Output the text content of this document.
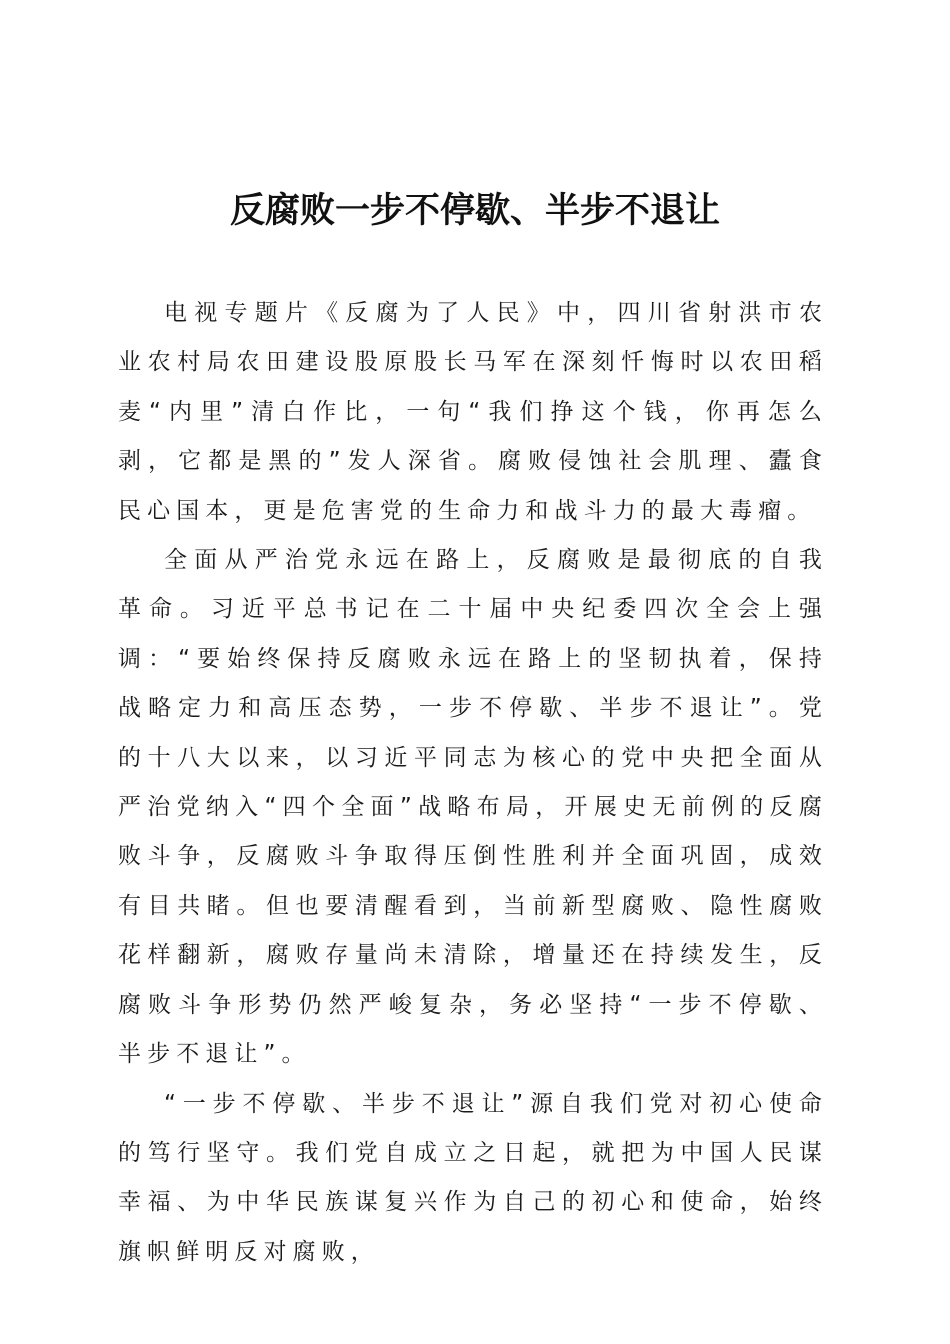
反腐败一步不停歇、半步不退让

电视专题片《反腐为了人民》中，四川省射洪市农业农村局农田建设股原股长马军在深刻忏悔时以农田稻麦“内里”清白作比，一句“我们挣这个钱，你再怎么剥，它都是黑的”发人深省。腐败侵蚀社会肌理、蠹食民心国本，更是危害党的生命力和战斗力的最大毒瘤。

全面从严治党永远在路上，反腐败是最彻底的自我革命。习近平总书记在二十届中央纪委四次全会上强调：“要始终保持反腐败永远在路上的坚韧执着，保持战略定力和高压态势，一步不停歇、半步不退让”。党的十八大以来，以习近平同志为核心的党中央把全面从严治党纳入“四个全面”战略布局，开展史无前例的反腐败斗争，反腐败斗争取得压倒性胜利并全面巩固，成效有目共睹。但也要清醒看到，当前新型腐败、隐性腐败花样翻新，腐败存量尚未清除，增量还在持续发生，反腐败斗争形势仍然严峻复杂，务必坚持“一步不停歇、半步不退让”。

“一步不停歇、半步不退让”源自我们党对初心使命的笃行坚守。我们党自成立之日起，就把为中国人民谋幸福、为中华民族谋复兴作为自己的初心和使命，始终旗帜鲜明反对腐败，
